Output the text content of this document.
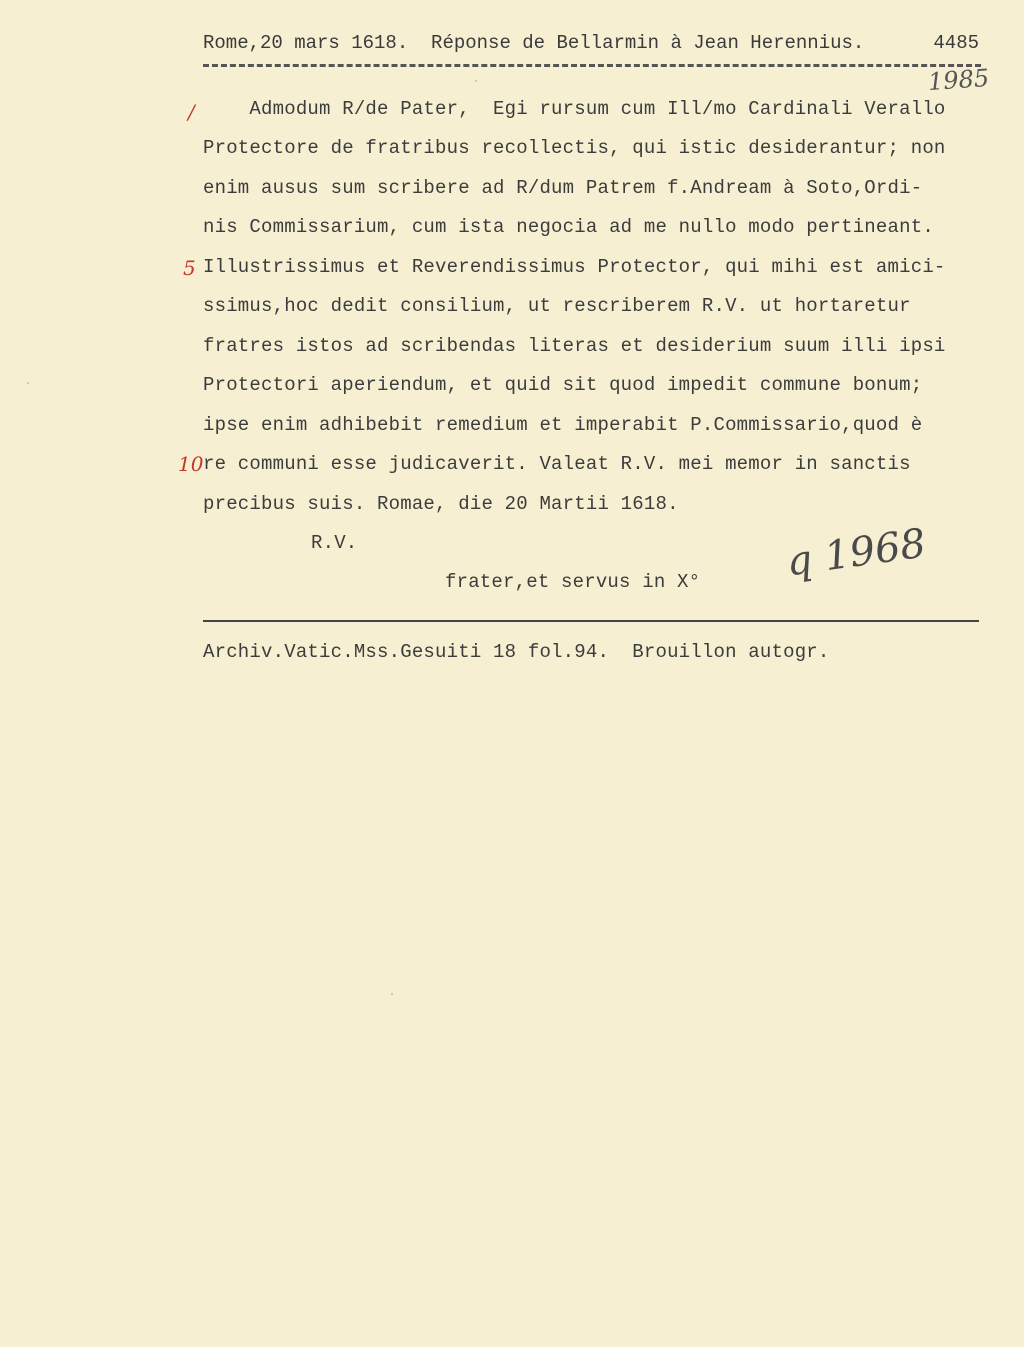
Rome,20 mars 1618.  Réponse de Bellarmin à Jean Herennius.	4485
1985
/
5
10
Admodum R/de Pater,  Egi rursum cum Ill/mo Cardinali Verallo
Protectore de fratribus recollectis, qui istic desiderantur; non
enim ausus sum scribere ad R/dum Patrem f.Andream à Soto,Ordi-
nis Commissarium, cum ista negocia ad me nullo modo pertineant.
Illustrissimus et Reverendissimus Protector, qui mihi est amici-
ssimus,hoc dedit consilium, ut rescriberem R.V. ut hortaretur
fratres istos ad scribendas literas et desiderium suum illi ipsi
Protectori aperiendum, et quid sit quod impedit commune bonum;
ipse enim adhibebit remedium et imperabit P.Commissario,quod è
re communi esse judicaverit. Valeat R.V. mei memor in sanctis
precibus suis. Romae, die 20 Martii 1618.
R.V.
frater,et servus in X° q 1968
Archiv.Vatic.Mss.Gesuiti 18 fol.94.  Brouillon autogr.
